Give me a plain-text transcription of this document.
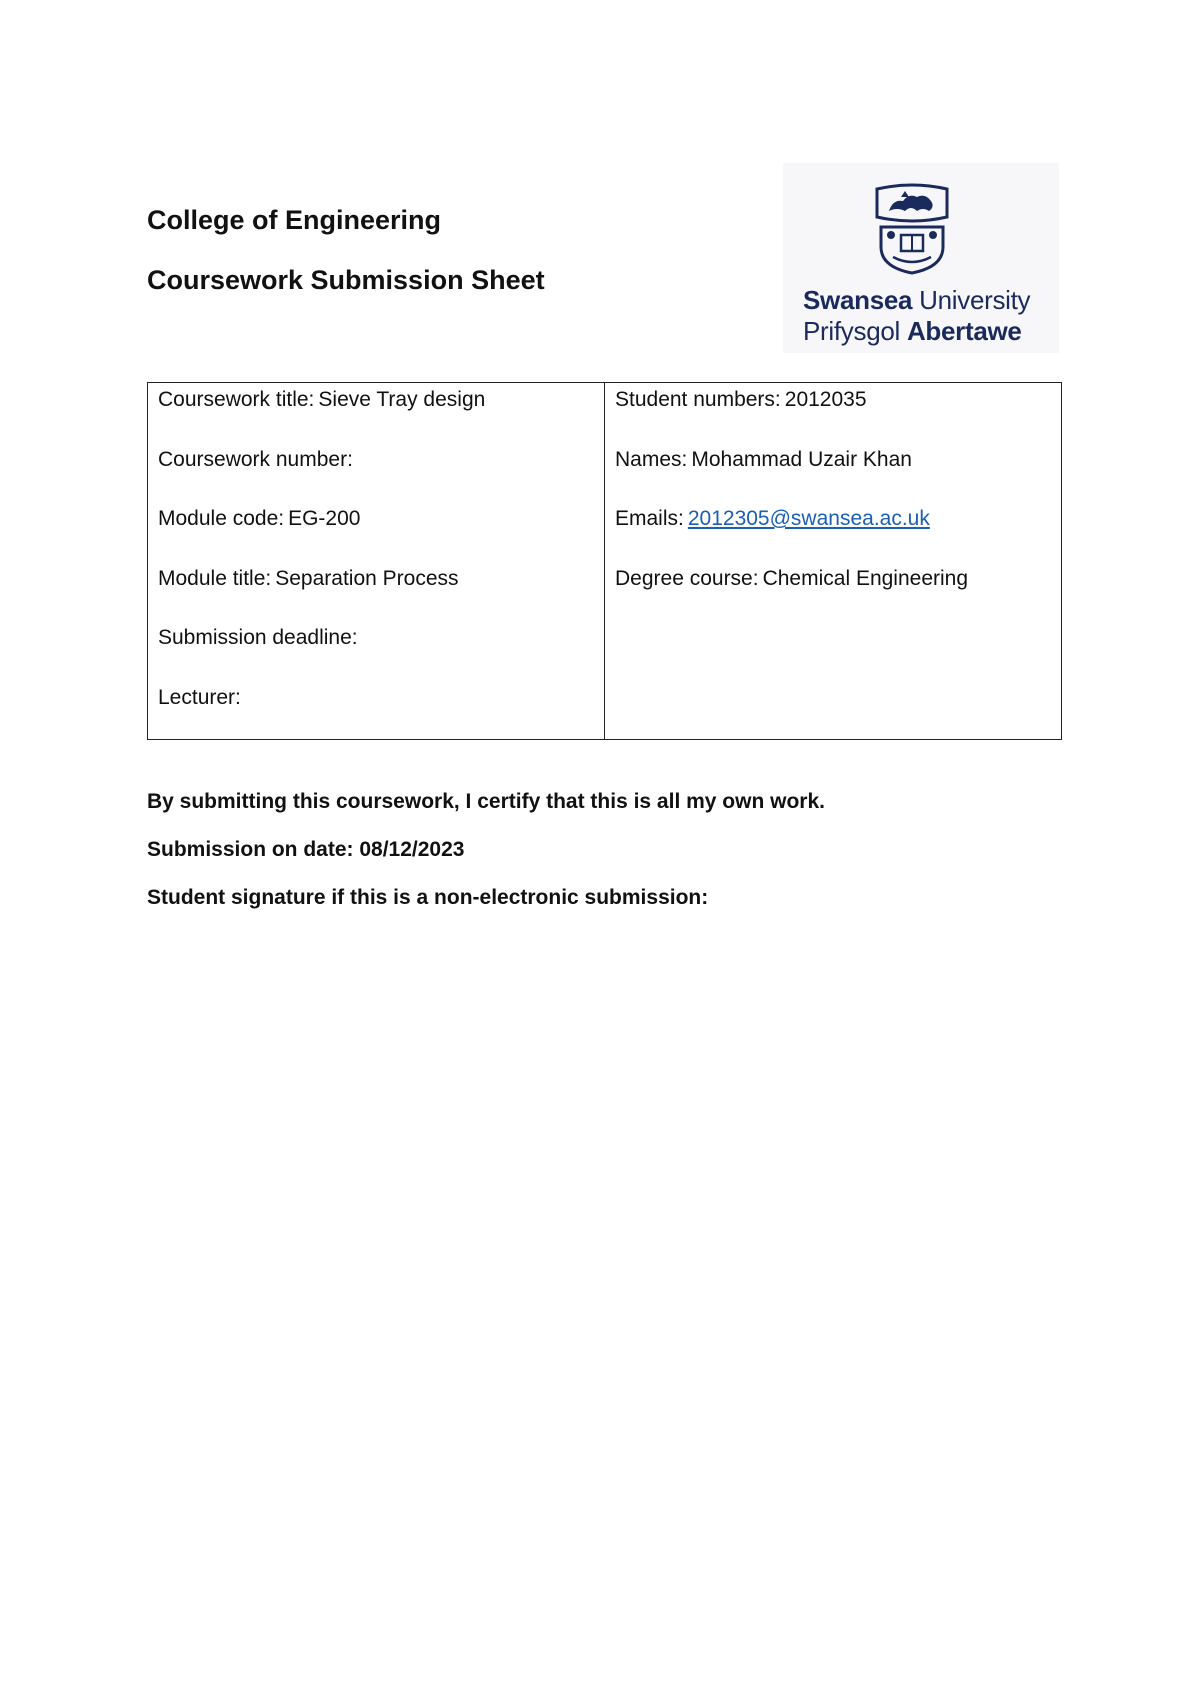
College of Engineering

Coursework Submission Sheet

Swansea University
Prifysgol Abertawe
Coursework title: Sieve Tray design
Coursework number:
Module code: EG-200
Module title: Separation Process
Submission deadline:
Lecturer:
Student numbers: 2012035
Names: Mohammad Uzair Khan
Emails: 2012305@swansea.ac.uk
Degree course: Chemical Engineering

By submitting this coursework, I certify that this is all my own work.

Submission on date: 08/12/2023

Student signature if this is a non-electronic submission:
